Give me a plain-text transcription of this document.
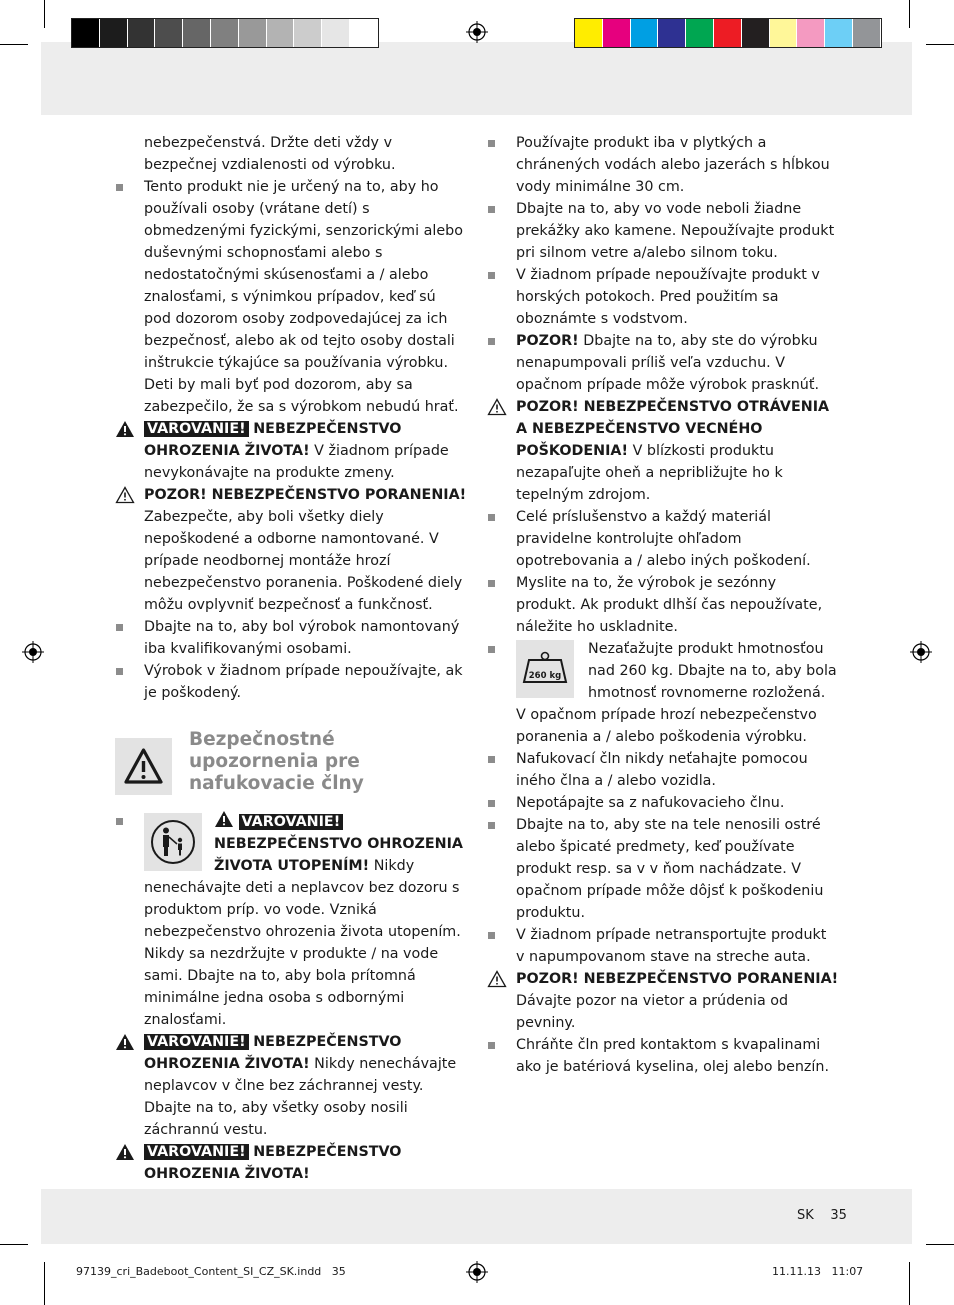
nebezpečenstvá. Držte deti vždy v bezpečnej vzdialenosti od výrobku.

Tento produkt nie je určený na to, aby ho používali osoby (vrátane detí) s obmedzenými fyzickými, senzorickými alebo duševnými schopnosťami alebo s nedostatočnými skúsenosťami a / alebo znalosťami, s výnimkou prípadov, keď sú pod dozorom osoby zodpovedajúcej za ich bezpečnosť, alebo ak od tejto osoby dostali inštrukcie týkajúce sa používania výrobku. Deti by mali byť pod dozorom, aby sa zabezpečilo, že sa s výrobkom nebudú hrať.

VAROVANIE! NEBEZPEČENSTVO OHROZENIA ŽIVOTA! V žiadnom prípade nevykonávajte na produkte zmeny.

POZOR! NEBEZPEČENSTVO PORANENIA! Zabezpečte, aby boli všetky diely nepoškodené a odborne namontované. V prípade neodbornej montáže hrozí nebezpečenstvo poranenia. Poškodené diely môžu ovplyvniť bezpečnosť a funkčnosť.

Dbajte na to, aby bol výrobok namontovaný iba kvalifikovanými osobami.

Výrobok v žiadnom prípade nepoužívajte, ak je poškodený.

Bezpečnostné upozornenia pre nafukovacie člny

VAROVANIE! NEBEZPEČENSTVO OHROZENIA ŽIVOTA UTOPENÍM! Nikdy nenechávajte deti a neplavcov bez dozoru s produktom príp. vo vode. Vzniká nebezpečenstvo ohrozenia života utopením. Nikdy sa nezdržujte v produkte / na vode sami. Dbajte na to, aby bola prítomná minimálne jedna osoba s odbornými znalosťami.

VAROVANIE! NEBEZPEČENSTVO OHROZENIA ŽIVOTA! Nikdy nenechávajte neplavcov v člne bez záchrannej vesty. Dbajte na to, aby všetky osoby nosili záchrannú vestu.

VAROVANIE! NEBEZPEČENSTVO OHROZENIA ŽIVOTA!

Používajte produkt iba v plytkých a chránených vodách alebo jazerách s hĺbkou vody minimálne 30 cm.

Dbajte na to, aby vo vode neboli žiadne prekážky ako kamene. Nepoužívajte produkt pri silnom vetre a/alebo silnom toku.

V žiadnom prípade nepoužívajte produkt v horských potokoch. Pred použitím sa oboznámte s vodstvom.

POZOR! Dbajte na to, aby ste do výrobku nenapumpovali príliš veľa vzduchu. V opačnom prípade môže výrobok prasknúť.

POZOR! NEBEZPEČENSTVO OTRÁVENIA A NEBEZPEČENSTVO VECNÉHO POŠKODENIA! V blízkosti produktu nezapaľujte oheň a nepribližujte ho k tepelným zdrojom.

Celé príslušenstvo a každý materiál pravidelne kontrolujte ohľadom opotrebovania a / alebo iných poškodení.

Myslite na to, že výrobok je sezónny produkt. Ak produkt dlhší čas nepoužívate, náležite ho uskladnite.

260 kg
Nezaťažujte produkt hmotnosťou nad 260 kg. Dbajte na to, aby bola hmotnosť rovnomerne rozložená. V opačnom prípade hrozí nebezpečenstvo poranenia a / alebo poškodenia výrobku.

Nafukovací čln nikdy neťahajte pomocou iného člna a / alebo vozidla.

Nepotápajte sa z nafukovacieho člnu.

Dbajte na to, aby ste na tele nenosili ostré alebo špicaté predmety, keď používate produkt resp. sa v v ňom nachádzate. V opačnom prípade môže dôjsť k poškodeniu produktu.

V žiadnom prípade netransportujte produkt v napumpovanom stave na streche auta.

POZOR! NEBEZPEČENSTVO PORANENIA! Dávajte pozor na vietor a prúdenia od pevniny.

Chráňte čln pred kontaktom s kvapalinami ako je batériová kyselina, olej alebo benzín.

SK 35
97139_cri_Badeboot_Content_SI_CZ_SK.indd 35	11.11.13 11:07
